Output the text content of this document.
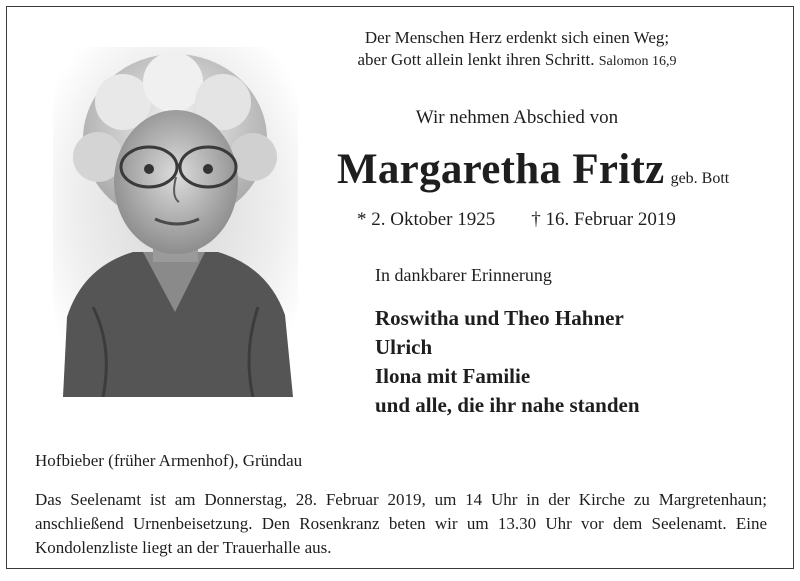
Der Menschen Herz erdenkt sich einen Weg;
aber Gott allein lenkt ihren Schritt. Salomon 16,9
Wir nehmen Abschied von
Margaretha Fritz geb. Bott
* 2. Oktober 1925 † 16. Februar 2019
In dankbarer Erinnerung
Roswitha und Theo Hahner
Ulrich
Ilona mit Familie
und alle, die ihr nahe standen
Hofbieber (früher Armenhof), Gründau
Das Seelenamt ist am Donnerstag, 28. Februar 2019, um 14 Uhr in der Kirche zu Margretenhaun; anschließend Urnenbeisetzung. Den Rosenkranz beten wir um 13.30 Uhr vor dem Seelenamt. Eine Kondolenzliste liegt an der Trauerhalle aus.
